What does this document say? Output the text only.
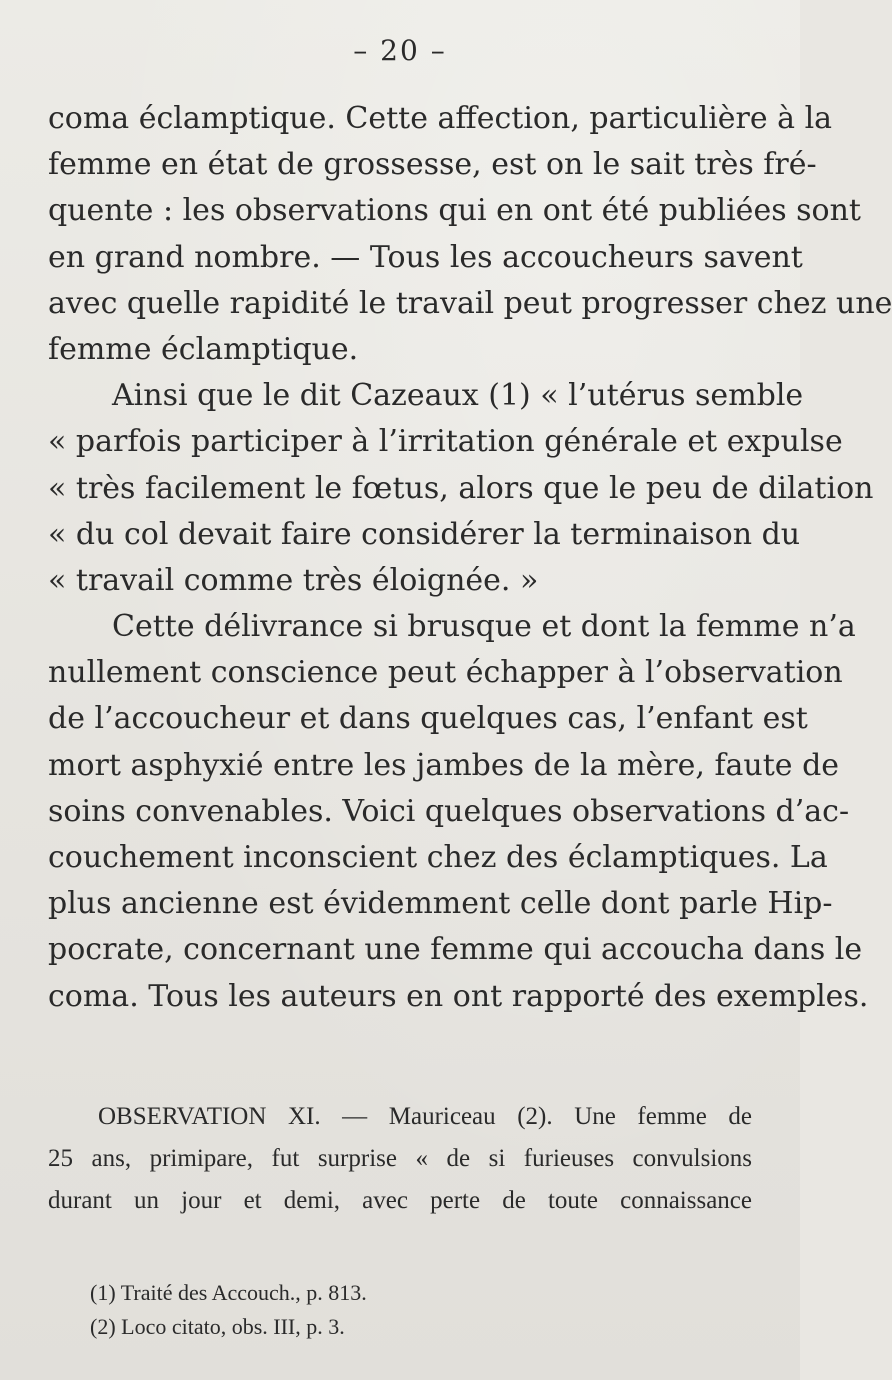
– 20 –
coma éclamptique. Cette affection, particulière à la
femme en état de grossesse, est on le sait très fré-
quente : les observations qui en ont été publiées sont
en grand nombre. — Tous les accoucheurs savent
avec quelle rapidité le travail peut progresser chez une
femme éclamptique.
Ainsi que le dit Cazeaux (1) « l’utérus semble
« parfois participer à l’irritation générale et expulse
« très facilement le fœtus, alors que le peu de dilation
« du col devait faire considérer la terminaison du
« travail comme très éloignée. »
Cette délivrance si brusque et dont la femme n’a
nullement conscience peut échapper à l’observation
de l’accoucheur et dans quelques cas, l’enfant est
mort asphyxié entre les jambes de la mère, faute de
soins convenables. Voici quelques observations d’ac-
couchement inconscient chez des éclamptiques. La
plus ancienne est évidemment celle dont parle Hip-
pocrate, concernant une femme qui accoucha dans le
coma. Tous les auteurs en ont rapporté des exemples.
OBSERVATION XI. — Mauriceau (2). Une femme de
25 ans, primipare, fut surprise « de si furieuses convulsions
durant un jour et demi, avec perte de toute connaissance
(1) Traité des Accouch., p. 813.
(2) Loco citato, obs. III, p. 3.
